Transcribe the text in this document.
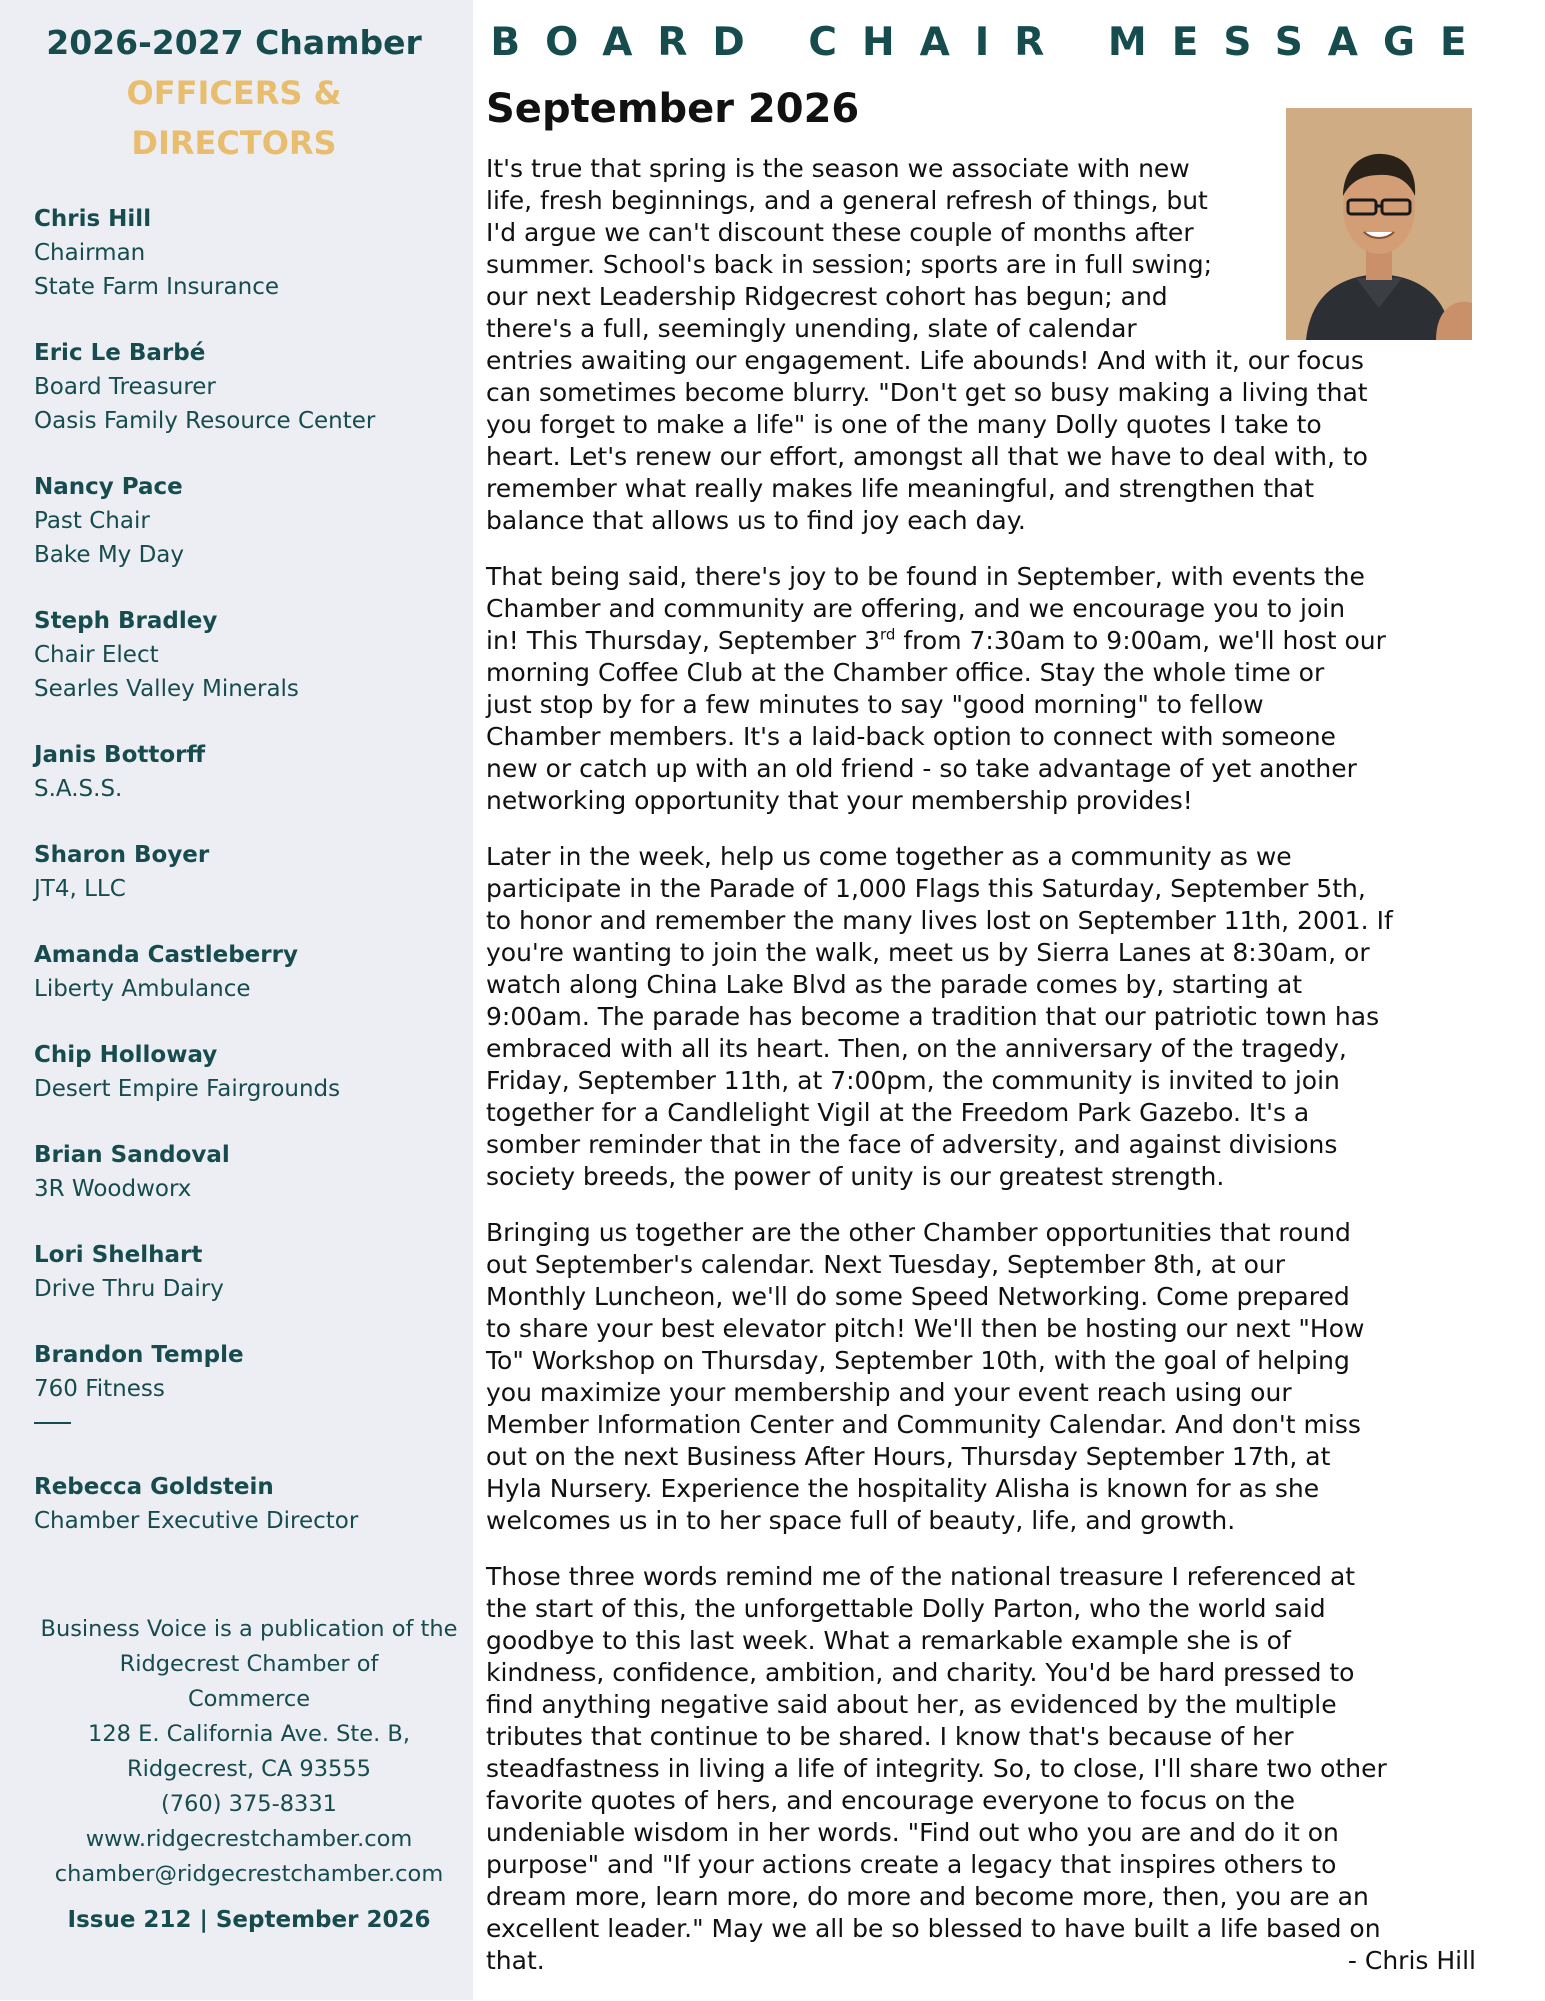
2026-2027 Chamber
OFFICERS &
DIRECTORS
Chris Hill
Chairman
State Farm Insurance
Eric Le Barbé
Board Treasurer
Oasis Family Resource Center
Nancy Pace
Past Chair
Bake My Day
Steph Bradley
Chair Elect
Searles Valley Minerals
Janis Bottorff
S.A.S.S.
Sharon Boyer
JT4, LLC
Amanda Castleberry
Liberty Ambulance
Chip Holloway
Desert Empire Fairgrounds
Brian Sandoval
3R Woodworx
Lori Shelhart
Drive Thru Dairy
Brandon Temple
760 Fitness
Rebecca Goldstein
Chamber Executive Director
Business Voice is a publication of the
Ridgecrest Chamber of
Commerce
128 E. California Ave. Ste. B,
Ridgecrest, CA 93555
(760) 375-8331
www.ridgecrestchamber.com
chamber@ridgecrestchamber.com
Issue 212 | September 2026
BOARD CHAIR MESSAGE
September 2026

It's true that spring is the season we associate with new
life, fresh beginnings, and a general refresh of things, but
I'd argue we can't discount these couple of months after
summer. School's back in session; sports are in full swing;
our next Leadership Ridgecrest cohort has begun; and
there's a full, seemingly unending, slate of calendar
entries awaiting our engagement. Life abounds! And with it, our focus
can sometimes become blurry. "Don't get so busy making a living that
you forget to make a life" is one of the many Dolly quotes I take to
heart. Let's renew our effort, amongst all that we have to deal with, to
remember what really makes life meaningful, and strengthen that
balance that allows us to find joy each day.

That being said, there's joy to be found in September, with events the
Chamber and community are offering, and we encourage you to join
in! This Thursday, September 3rd from 7:30am to 9:00am, we'll host our
morning Coffee Club at the Chamber office. Stay the whole time or
just stop by for a few minutes to say "good morning" to fellow
Chamber members. It's a laid-back option to connect with someone
new or catch up with an old friend - so take advantage of yet another
networking opportunity that your membership provides!

Later in the week, help us come together as a community as we
participate in the Parade of 1,000 Flags this Saturday, September 5th,
to honor and remember the many lives lost on September 11th, 2001. If
you're wanting to join the walk, meet us by Sierra Lanes at 8:30am, or
watch along China Lake Blvd as the parade comes by, starting at
9:00am. The parade has become a tradition that our patriotic town has
embraced with all its heart. Then, on the anniversary of the tragedy,
Friday, September 11th, at 7:00pm, the community is invited to join
together for a Candlelight Vigil at the Freedom Park Gazebo. It's a
somber reminder that in the face of adversity, and against divisions
society breeds, the power of unity is our greatest strength.

Bringing us together are the other Chamber opportunities that round
out September's calendar. Next Tuesday, September 8th, at our
Monthly Luncheon, we'll do some Speed Networking. Come prepared
to share your best elevator pitch! We'll then be hosting our next "How
To" Workshop on Thursday, September 10th, with the goal of helping
you maximize your membership and your event reach using our
Member Information Center and Community Calendar. And don't miss
out on the next Business After Hours, Thursday September 17th, at
Hyla Nursery. Experience the hospitality Alisha is known for as she
welcomes us in to her space full of beauty, life, and growth.

Those three words remind me of the national treasure I referenced at
the start of this, the unforgettable Dolly Parton, who the world said
goodbye to this last week. What a remarkable example she is of
kindness, confidence, ambition, and charity. You'd be hard pressed to
find anything negative said about her, as evidenced by the multiple
tributes that continue to be shared. I know that's because of her
steadfastness in living a life of integrity. So, to close, I'll share two other
favorite quotes of hers, and encourage everyone to focus on the
undeniable wisdom in her words. "Find out who you are and do it on
purpose" and "If your actions create a legacy that inspires others to
dream more, learn more, do more and become more, then, you are an
excellent leader." May we all be so blessed to have built a life based on
that.	- Chris Hill
